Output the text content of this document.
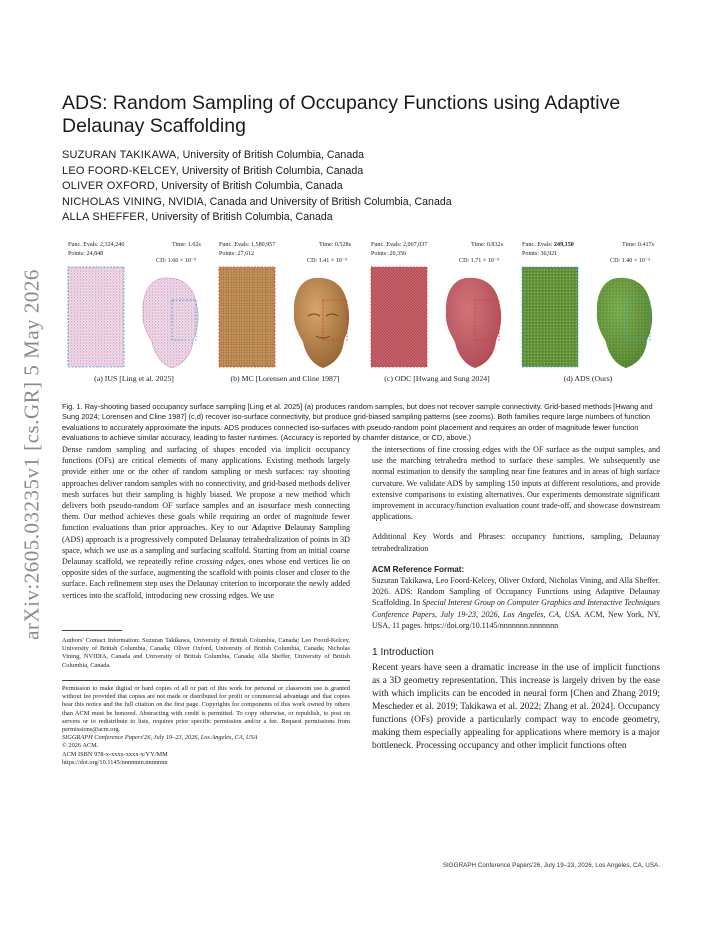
arXiv:2605.03235v1 [cs.GR] 5 May 2026
ADS: Random Sampling of Occupancy Functions using Adaptive Delaunay Scaffolding
SUZURAN TAKIKAWA, University of British Columbia, Canada
LEO FOORD-KELCEY, University of British Columbia, Canada
OLIVER OXFORD, University of British Columbia, Canada
NICHOLAS VINING, NVIDIA, Canada and University of British Columbia, Canada
ALLA SHEFFER, University of British Columbia, Canada
Func. Evals: 2,324,240	Time: 1.02s
Points: 24,848
CD: 1.66 × 10⁻⁵
(a) IUS [Ling et al. 2025]
Func. Evals: 1,580,957	Time: 0.528s
Points: 27,612
CD: 1.41 × 10⁻⁵
(b) MC [Lorensen and Cline 1987]
Func. Evals: 2,067,037	Time: 0.832s
Points: 20,356
CD: 1.71 × 10⁻⁵
(c) ODC [Hwang and Sung 2024]
Func. Evals: 249,150	Time: 0.417s
Points: 36,921
CD: 1.40 × 10⁻⁵
(d) ADS (Ours)
Fig. 1. Ray-shooting based occupancy surface sampling [Ling et al. 2025] (a) produces random samples, but does not recover sample connectivity. Grid-based methods [Hwang and Sung 2024; Lorensen and Cline 1987] (c,d) recover iso-surface connectivity, but produce grid-biased sampling patterns (see zooms). Both families require large numbers of function evaluations to accurately approximate the inputs. ADS produces connected iso-surfaces with pseudo-random point placement and requires an order of magnitude fewer function evaluations to achieve similar accuracy, leading to faster runtimes. (Accuracy is reported by chamfer distance, or CD, above.)

Dense random sampling and surfacing of shapes encoded via implicit occupancy functions (OFs) are critical elements of many applications. Existing methods largely provide either one or the other of random sampling or mesh surfaces: ray shooting approaches deliver random samples with no connectivity, and grid-based methods deliver mesh surfaces but their sampling is highly biased. We propose a new method which delivers both pseudo-random OF surface samples and an isosurface mesh connecting them. Our method achieves these goals while requiring an order of magnitude fewer function evaluations than prior approaches. Key to our Adaptive Delaunay Sampling (ADS) approach is a progressively computed Delaunay tetrahedralization of points in 3D space, which we use as a sampling and surfacing scaffold. Starting from an initial coarse Delaunay scaffold, we repeatedly refine crossing edges, ones whose end vertices lie on opposite sides of the surface, augmenting the scaffold with points closer and closer to the surface. Each refinement step uses the Delaunay criterion to incorporate the newly added vertices into the scaffold, introducing new crossing edges. We use

Authors' Contact Information: Suzuran Takikawa, University of British Columbia, Canada; Leo Foord-Kelcey, University of British Columbia, Canada; Oliver Oxford, University of British Columbia, Canada; Nicholas Vining, NVIDIA, Canada and University of British Columbia, Canada; Alla Sheffer, University of British Columbia, Canada.

Permission to make digital or hard copies of all or part of this work for personal or classroom use is granted without fee provided that copies are not made or distributed for profit or commercial advantage and that copies bear this notice and the full citation on the first page. Copyrights for components of this work owned by others than ACM must be honored. Abstracting with credit is permitted. To copy otherwise, or republish, to post on servers or to redistribute to lists, requires prior specific permission and/or a fee. Request permissions from permissions@acm.org.

SIGGRAPH Conference Papers'26, July 19–23, 2026, Los Angeles, CA, USA

© 2026 ACM.

ACM ISBN 978-x-xxxx-xxxx-x/YY/MM

https://doi.org/10.1145/nnnnnnn.nnnnnnn

the intersections of fine crossing edges with the OF surface as the output samples, and use the marching tetrahedra method to surface these samples. We subsequently use normal estimation to densify the sampling near fine features and in areas of high surface curvature. We validate ADS by sampling 150 inputs at different resolutions, and provide extensive comparisons to existing alternatives. Our experiments demonstrate significant improvement in accuracy/function evaluation count trade-off, and showcase downstream applications.

Additional Key Words and Phrases: occupancy functions, sampling, Delaunay tetrahedralization

ACM Reference Format:

Suzuran Takikawa, Leo Foord-Kelcey, Oliver Oxford, Nicholas Vining, and Alla Sheffer. 2026. ADS: Random Sampling of Occupancy Functions using Adaptive Delaunay Scaffolding. In Special Interest Group on Computer Graphics and Interactive Techniques Conference Papers, July 19-23, 2026, Los Angeles, CA, USA. ACM, New York, NY, USA, 11 pages. https://doi.org/10.1145/nnnnnnn.nnnnnnn

1 Introduction

Recent years have seen a dramatic increase in the use of implicit functions as a 3D geometry representation. This increase is largely driven by the ease with which implicits can be encoded in neural form [Chen and Zhang 2019; Mescheder et al. 2019; Takikawa et al. 2022; Zhang et al. 2024]. Occupancy functions (OFs) provide a particularly compact way to encode geometry, making them especially appealing for applications where memory is a major bottleneck. Processing occupancy and other implicit functions often

SIGGRAPH Conference Papers'26, July 19–23, 2026, Los Angeles, CA, USA.
